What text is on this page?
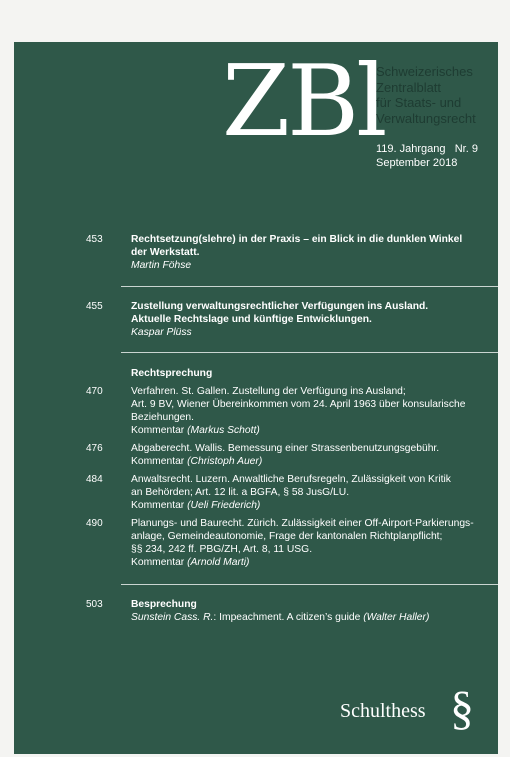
ZBl
Schweizerisches
Zentralblatt
für Staats- und
Verwaltungsrecht
119. Jahrgang Nr. 9
September 2018
453	Rechtsetzung(slehre) in der Praxis – ein Blick in die dunklen Winkel
der Werkstatt.
Martin Föhse
455	Zustellung verwaltungsrechtlicher Verfügungen ins Ausland.
Aktuelle Rechtslage und künftige Entwicklungen.
Kaspar Plüss
Rechtsprechung
470	Verfahren. St. Gallen. Zustellung der Verfügung ins Ausland;
Art. 9 BV, Wiener Übereinkommen vom 24. April 1963 über konsularische
Beziehungen.
Kommentar (Markus Schott)
476	Abgaberecht. Wallis. Bemessung einer Strassenbenutzungsgebühr.
Kommentar (Christoph Auer)
484	Anwaltsrecht. Luzern. Anwaltliche Berufsregeln, Zulässigkeit von Kritik
an Behörden; Art. 12 lit. a BGFA, § 58 JusG/LU.
Kommentar (Ueli Friederich)
490	Planungs- und Baurecht. Zürich. Zulässigkeit einer Off-Airport-Parkierungs-
anlage, Gemeindeautonomie, Frage der kantonalen Richtplanpflicht;
§§ 234, 242 ff. PBG/ZH, Art. 8, 11 USG.
Kommentar (Arnold Marti)
503	Besprechung
Sunstein Cass. R.: Impeachment. A citizen’s guide (Walter Haller)
Schulthess §
